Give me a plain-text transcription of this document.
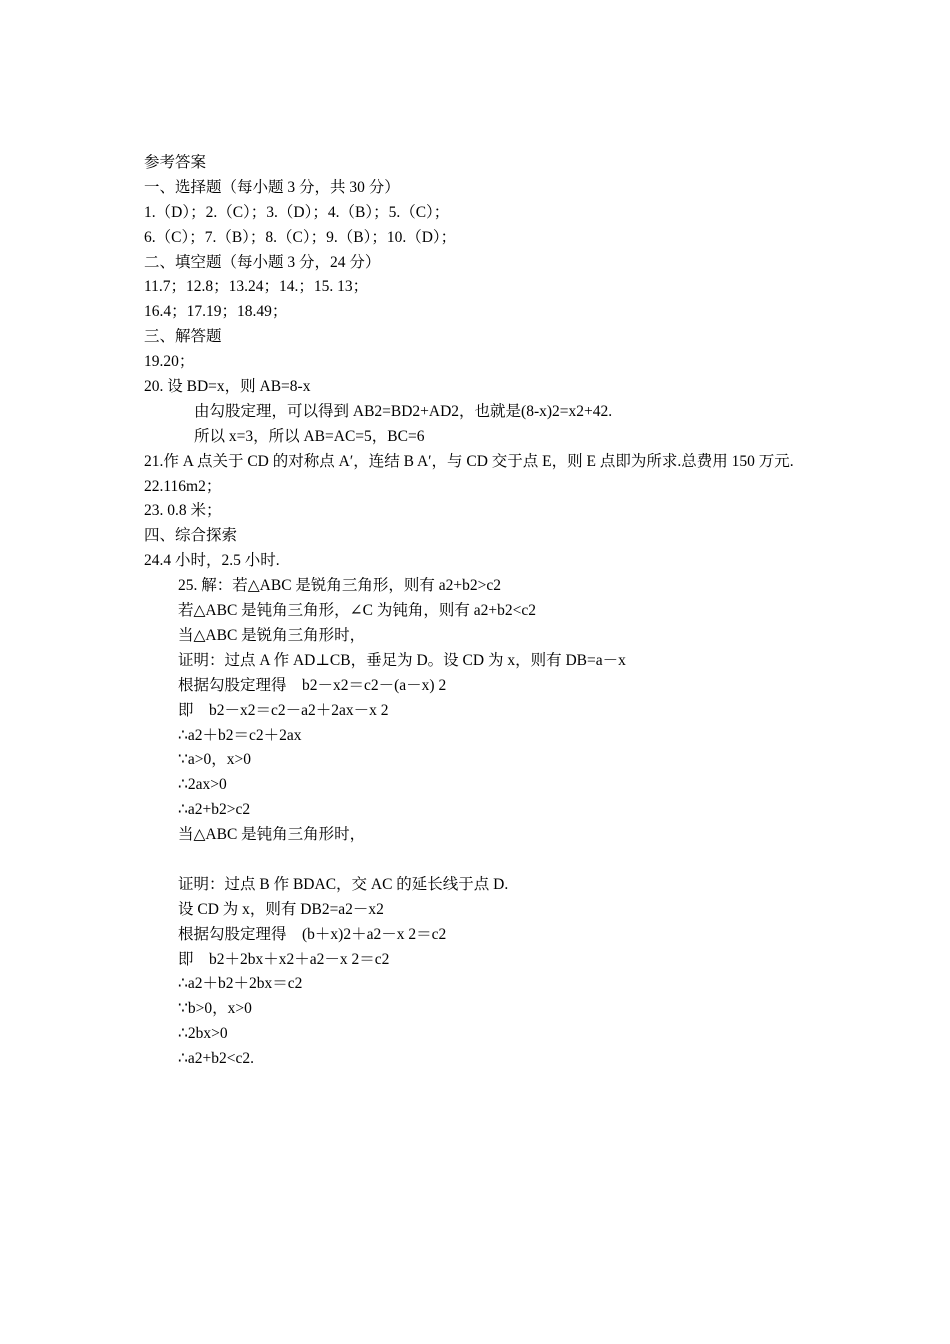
参考答案
一、选择题（每小题 3 分，共 30 分）
1.（D）；2.（C）；3.（D）；4.（B）；5.（C）；
6.（C）；7.（B）；8.（C）；9.（B）；10.（D）；
二、填空题（每小题 3 分，24 分）
11.7；12.8；13.24；14.；15. 13；
16.4；17.19；18.49；
三、解答题
19.20；
20. 设 BD=x，则 AB=8-x
由勾股定理，可以得到 AB2=BD2+AD2，也就是(8-x)2=x2+42.
所以 x=3，所以 AB=AC=5，BC=6
21.作 A 点关于 CD 的对称点 A′，连结 B A′，与 CD 交于点 E，则 E 点即为所求.总费用 150 万元.
22.116m2；
23. 0.8 米；
四、综合探索
24.4 小时，2.5 小时.
25. 解：若△ABC 是锐角三角形，则有 a2+b2>c2
若△ABC 是钝角三角形，∠C 为钝角，则有 a2+b2<c2
当△ABC 是锐角三角形时，
证明：过点 A 作 AD⊥CB，垂足为 D。设 CD 为 x，则有 DB=a－x
根据勾股定理得　b2－x2＝c2－(a－x) 2
即　b2－x2＝c2－a2＋2ax－x 2
∴a2＋b2＝c2＋2ax
∵a>0，x>0
∴2ax>0
∴a2+b2>c2
当△ABC 是钝角三角形时，
证明：过点 B 作 BDAC，交 AC 的延长线于点 D.
设 CD 为 x，则有 DB2=a2－x2
根据勾股定理得　(b＋x)2＋a2－x 2＝c2
即　b2＋2bx＋x2＋a2－x 2＝c2
∴a2＋b2＋2bx＝c2
∵b>0，x>0
∴2bx>0
∴a2+b2<c2.
